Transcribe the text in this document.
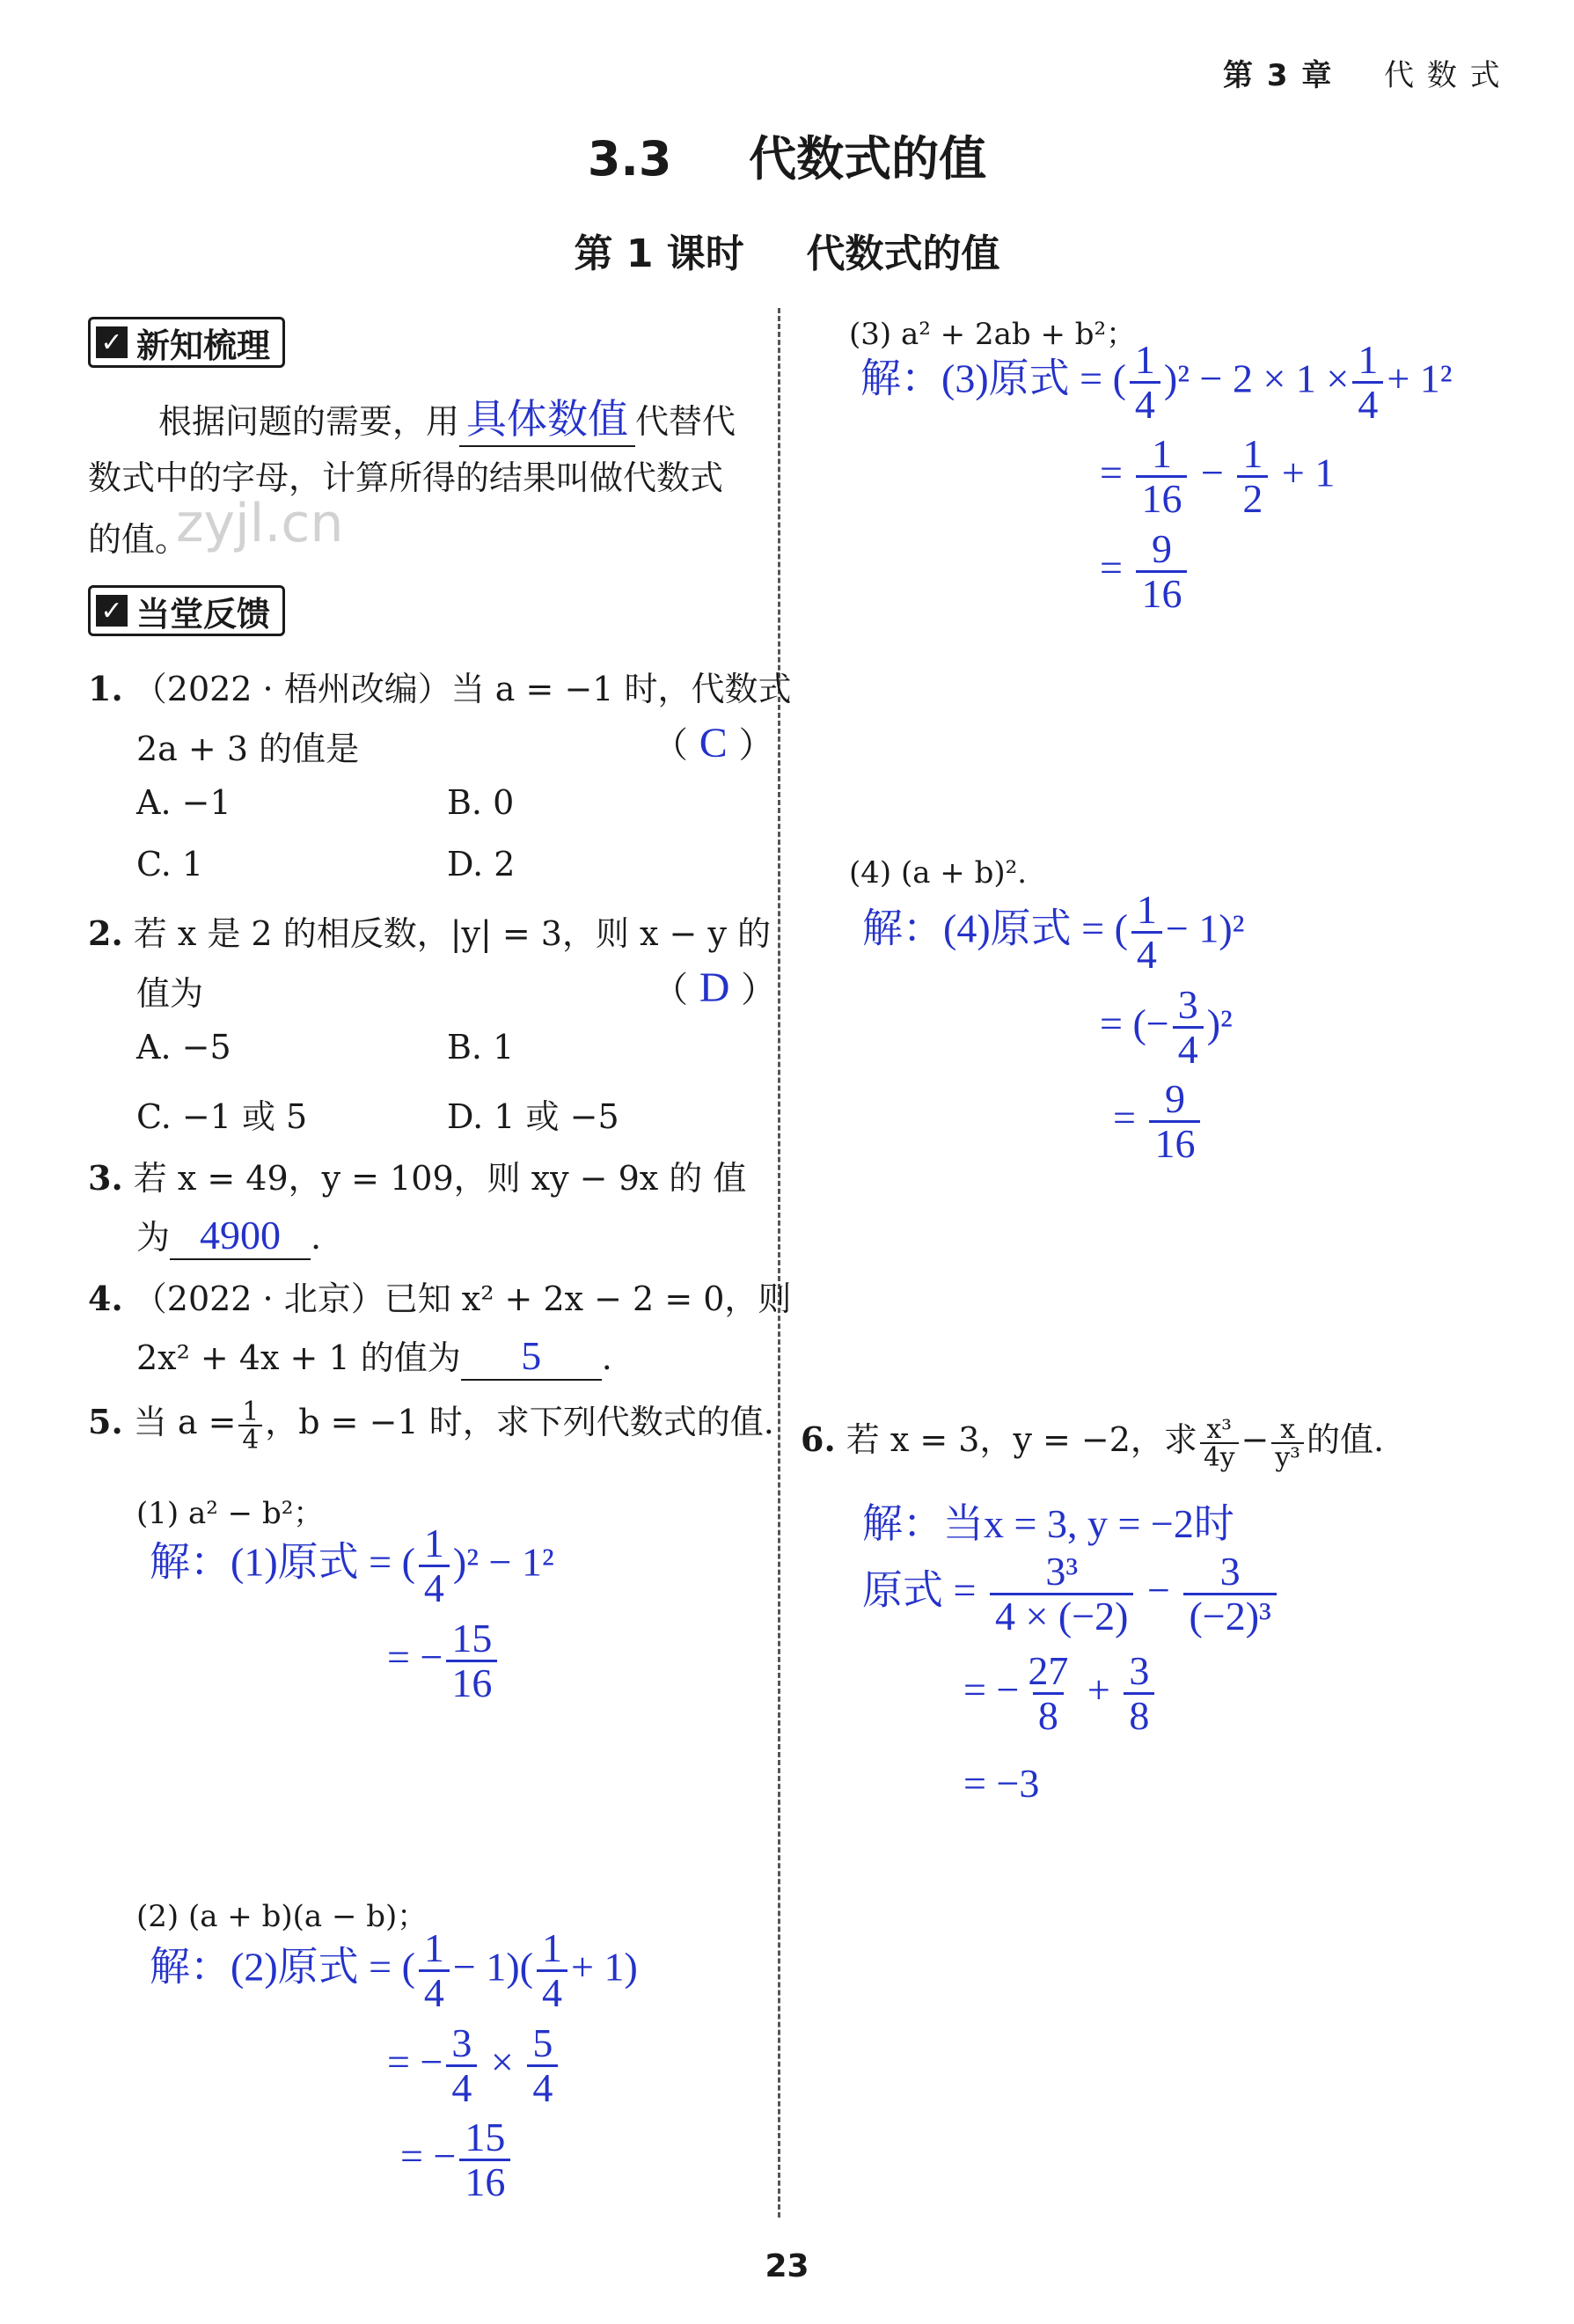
第 3 章 代 数 式
3.3 代数式的值
第 1 课时 代数式的值
✓ 新知梳理
根据问题的需要，用 具体数值 代替代
数式中的字母，计算所得的结果叫做代数式
的值。
zyjl.cn
✓ 当堂反馈
1. （2022 · 梧州改编）当 a = −1 时，代数式
2a + 3 的值是	（ C ）
A. −1	B. 0
C. 1	D. 2
2. 若 x 是 2 的相反数，|y| = 3，则 x − y 的
值为	（ D ）
A. −5	B. 1
C. −1 或 5	D. 1 或 −5
3. 若 x = 49，y = 109，则 xy − 9x 的 值
为 4900 .
4. （2022 · 北京）已知 x² + 2x − 2 = 0，则
2x² + 4x + 1 的值为 5 .
5. 当 $a = \frac{1}{4}$ ，b = −1 时，求下列代数式的值.
(1) a² − b²；
解：(1)原式 = ( $\frac{1}{4} )^2 - 1^2$
= − $\frac{15}{16}$
(2) (a + b)(a − b)；
解：(2)原式 = ( $\frac{1}{4} - 1)( \frac{1}{4} + 1)$
= − $\frac{3}{4} \times \frac{5}{4}$
= − $\frac{15}{16}$
(3) a² + 2ab + b²；
解：(3)原式 = ( $\frac{1}{4} )^2 - 2 \times 1 \times \frac{1}{4} + 1^2$
= $\frac{1}{16} - \frac{1}{2} + 1$
= $\frac{9}{16}$
(4) (a + b)².
解：(4)原式 = ( $\frac{1}{4} - 1)^2$
= (− $\frac{3}{4} )^2$
= $\frac{9}{16}$
6. 若 x = 3，y = −2，求 $\frac{\text{x³}}{4y} - \frac{x}{\text{y³}}$ 的值.
解：当x = 3, y = −2时
原式 = $\frac{\text{3³}}{4 \times (-2)} - \frac{3}{\text{(−2)³}}$
= − $\frac{27}{8} + \frac{3}{8}$
= −3
23
